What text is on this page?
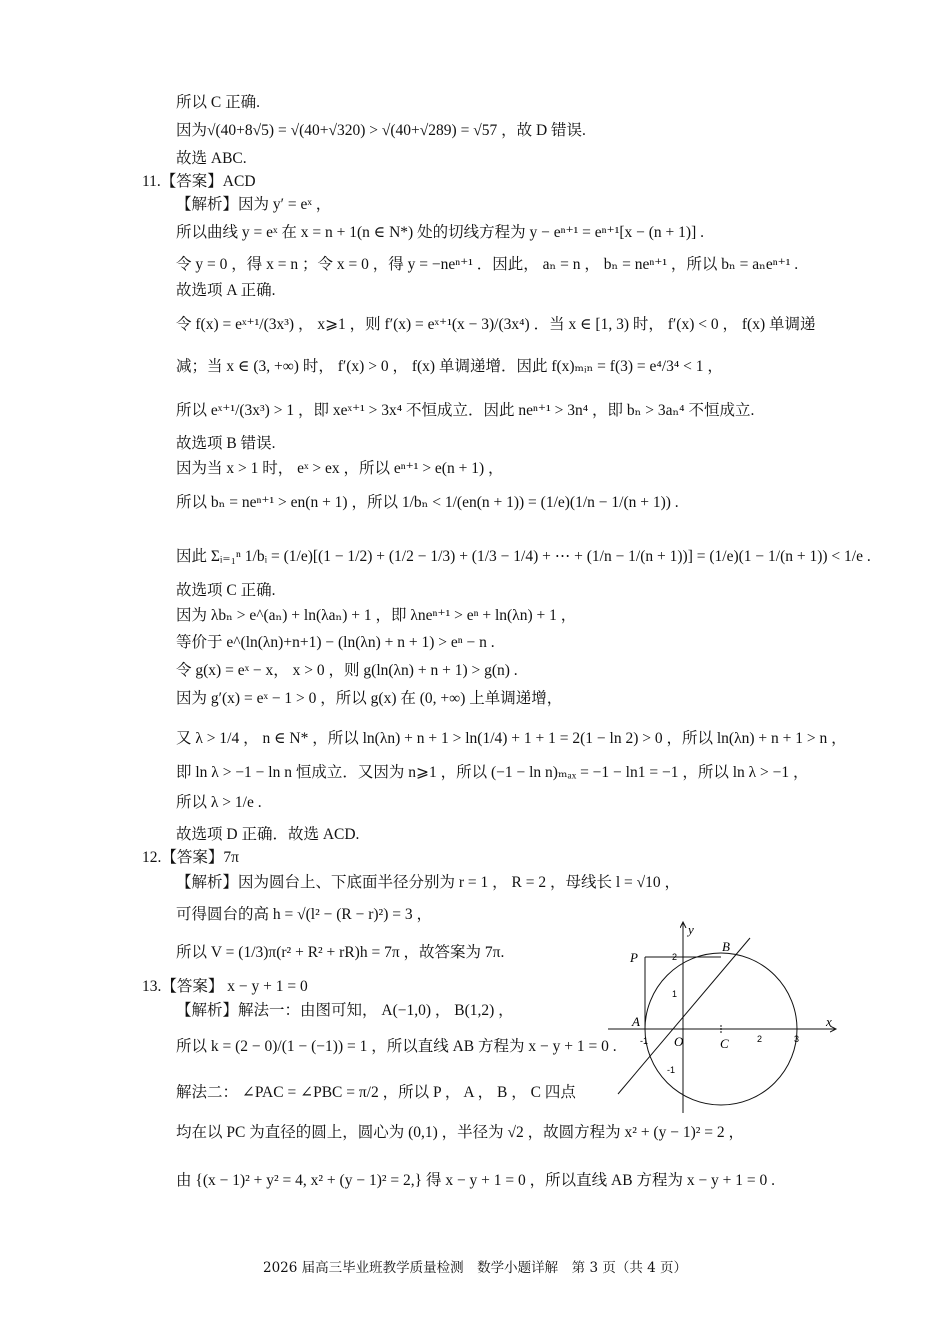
所以 C 正确.
因为√(40+8√5) = √(40+√320) > √(40+√289) = √57 ，故 D 错误.
故选 ABC.
11.【答案】ACD
【解析】因为 y′ = eˣ ，
所以曲线 y = eˣ 在 x = n + 1(n ∈ N*) 处的切线方程为 y − eⁿ⁺¹ = eⁿ⁺¹[x − (n + 1)] .
令 y = 0 ，得 x = n ；令 x = 0 ，得 y = −neⁿ⁺¹ ．因此， aₙ = n ， bₙ = neⁿ⁺¹ ，所以 bₙ = aₙeⁿ⁺¹ .
故选项 A 正确.
令 f(x) = eˣ⁺¹/(3x³) ， x⩾1 ，则 f′(x) = eˣ⁺¹(x − 3)/(3x⁴) ．当 x ∈ [1, 3) 时， f′(x) < 0 ， f(x) 单调递
减；当 x ∈ (3, +∞) 时， f′(x) > 0 ， f(x) 单调递增．因此 f(x)ₘᵢₙ = f(3) = e⁴/3⁴ < 1 ，
所以 eˣ⁺¹/(3x³) > 1 ，即 xeˣ⁺¹ > 3x⁴ 不恒成立．因此 neⁿ⁺¹ > 3n⁴ ，即 bₙ > 3aₙ⁴ 不恒成立.
故选项 B 错误.
因为当 x > 1 时， eˣ > ex ，所以 eⁿ⁺¹ > e(n + 1) ，
所以 bₙ = neⁿ⁺¹ > en(n + 1) ，所以 1/bₙ < 1/(en(n + 1)) = (1/e)(1/n − 1/(n + 1)) .
因此 Σᵢ₌₁ⁿ 1/bᵢ = (1/e)[(1 − 1/2) + (1/2 − 1/3) + (1/3 − 1/4) + ⋯ + (1/n − 1/(n + 1))] = (1/e)(1 − 1/(n + 1)) < 1/e .
故选项 C 正确.
因为 λbₙ > e^(aₙ) + ln(λaₙ) + 1 ，即 λneⁿ⁺¹ > eⁿ + ln(λn) + 1 ，
等价于 e^(ln(λn)+n+1) − (ln(λn) + n + 1) > eⁿ − n .
令 g(x) = eˣ − x， x > 0 ，则 g(ln(λn) + n + 1) > g(n) .
因为 g′(x) = eˣ − 1 > 0 ，所以 g(x) 在 (0, +∞) 上单调递增，
又 λ > 1/4 ， n ∈ N* ，所以 ln(λn) + n + 1 > ln(1/4) + 1 + 1 = 2(1 − ln 2) > 0 ，所以 ln(λn) + n + 1 > n ，
即 ln λ > −1 − ln n 恒成立．又因为 n⩾1 ，所以 (−1 − ln n)ₘₐₓ = −1 − ln1 = −1 ，所以 ln λ > −1 ，
所以 λ > 1/e .
故选项 D 正确．故选 ACD.
12.【答案】7π
【解析】因为圆台上、下底面半径分别为 r = 1 ， R = 2 ，母线长 l = √10 ，
可得圆台的高 h = √(l² − (R − r)²) = 3 ，
所以 V = (1/3)π(r² + R² + rR)h = 7π ，故答案为 7π.
13.【答案】 x − y + 1 = 0
【解析】解法一：由图可知， A(−1,0) ， B(1,2) ，
所以 k = (2 − 0)/(1 − (−1)) = 1 ，所以直线 AB 方程为 x − y + 1 = 0 .
解法二： ∠PAC = ∠PBC = π/2 ，所以 P ， A ， B ， C 四点
均在以 PC 为直径的圆上，圆心为 (0,1) ，半径为 √2 ，故圆方程为 x² + (y − 1)² = 2 ，
由 {(x − 1)² + y² = 4, x² + (y − 1)² = 2,} 得 x − y + 1 = 0 ，所以直线 AB 方程为 x − y + 1 = 0 .
x
y
O
A
B
C
P
-1	2	3
2
1
-1
2026 届高三毕业班教学质量检测　数学小题详解　第 3 页（共 4 页）
